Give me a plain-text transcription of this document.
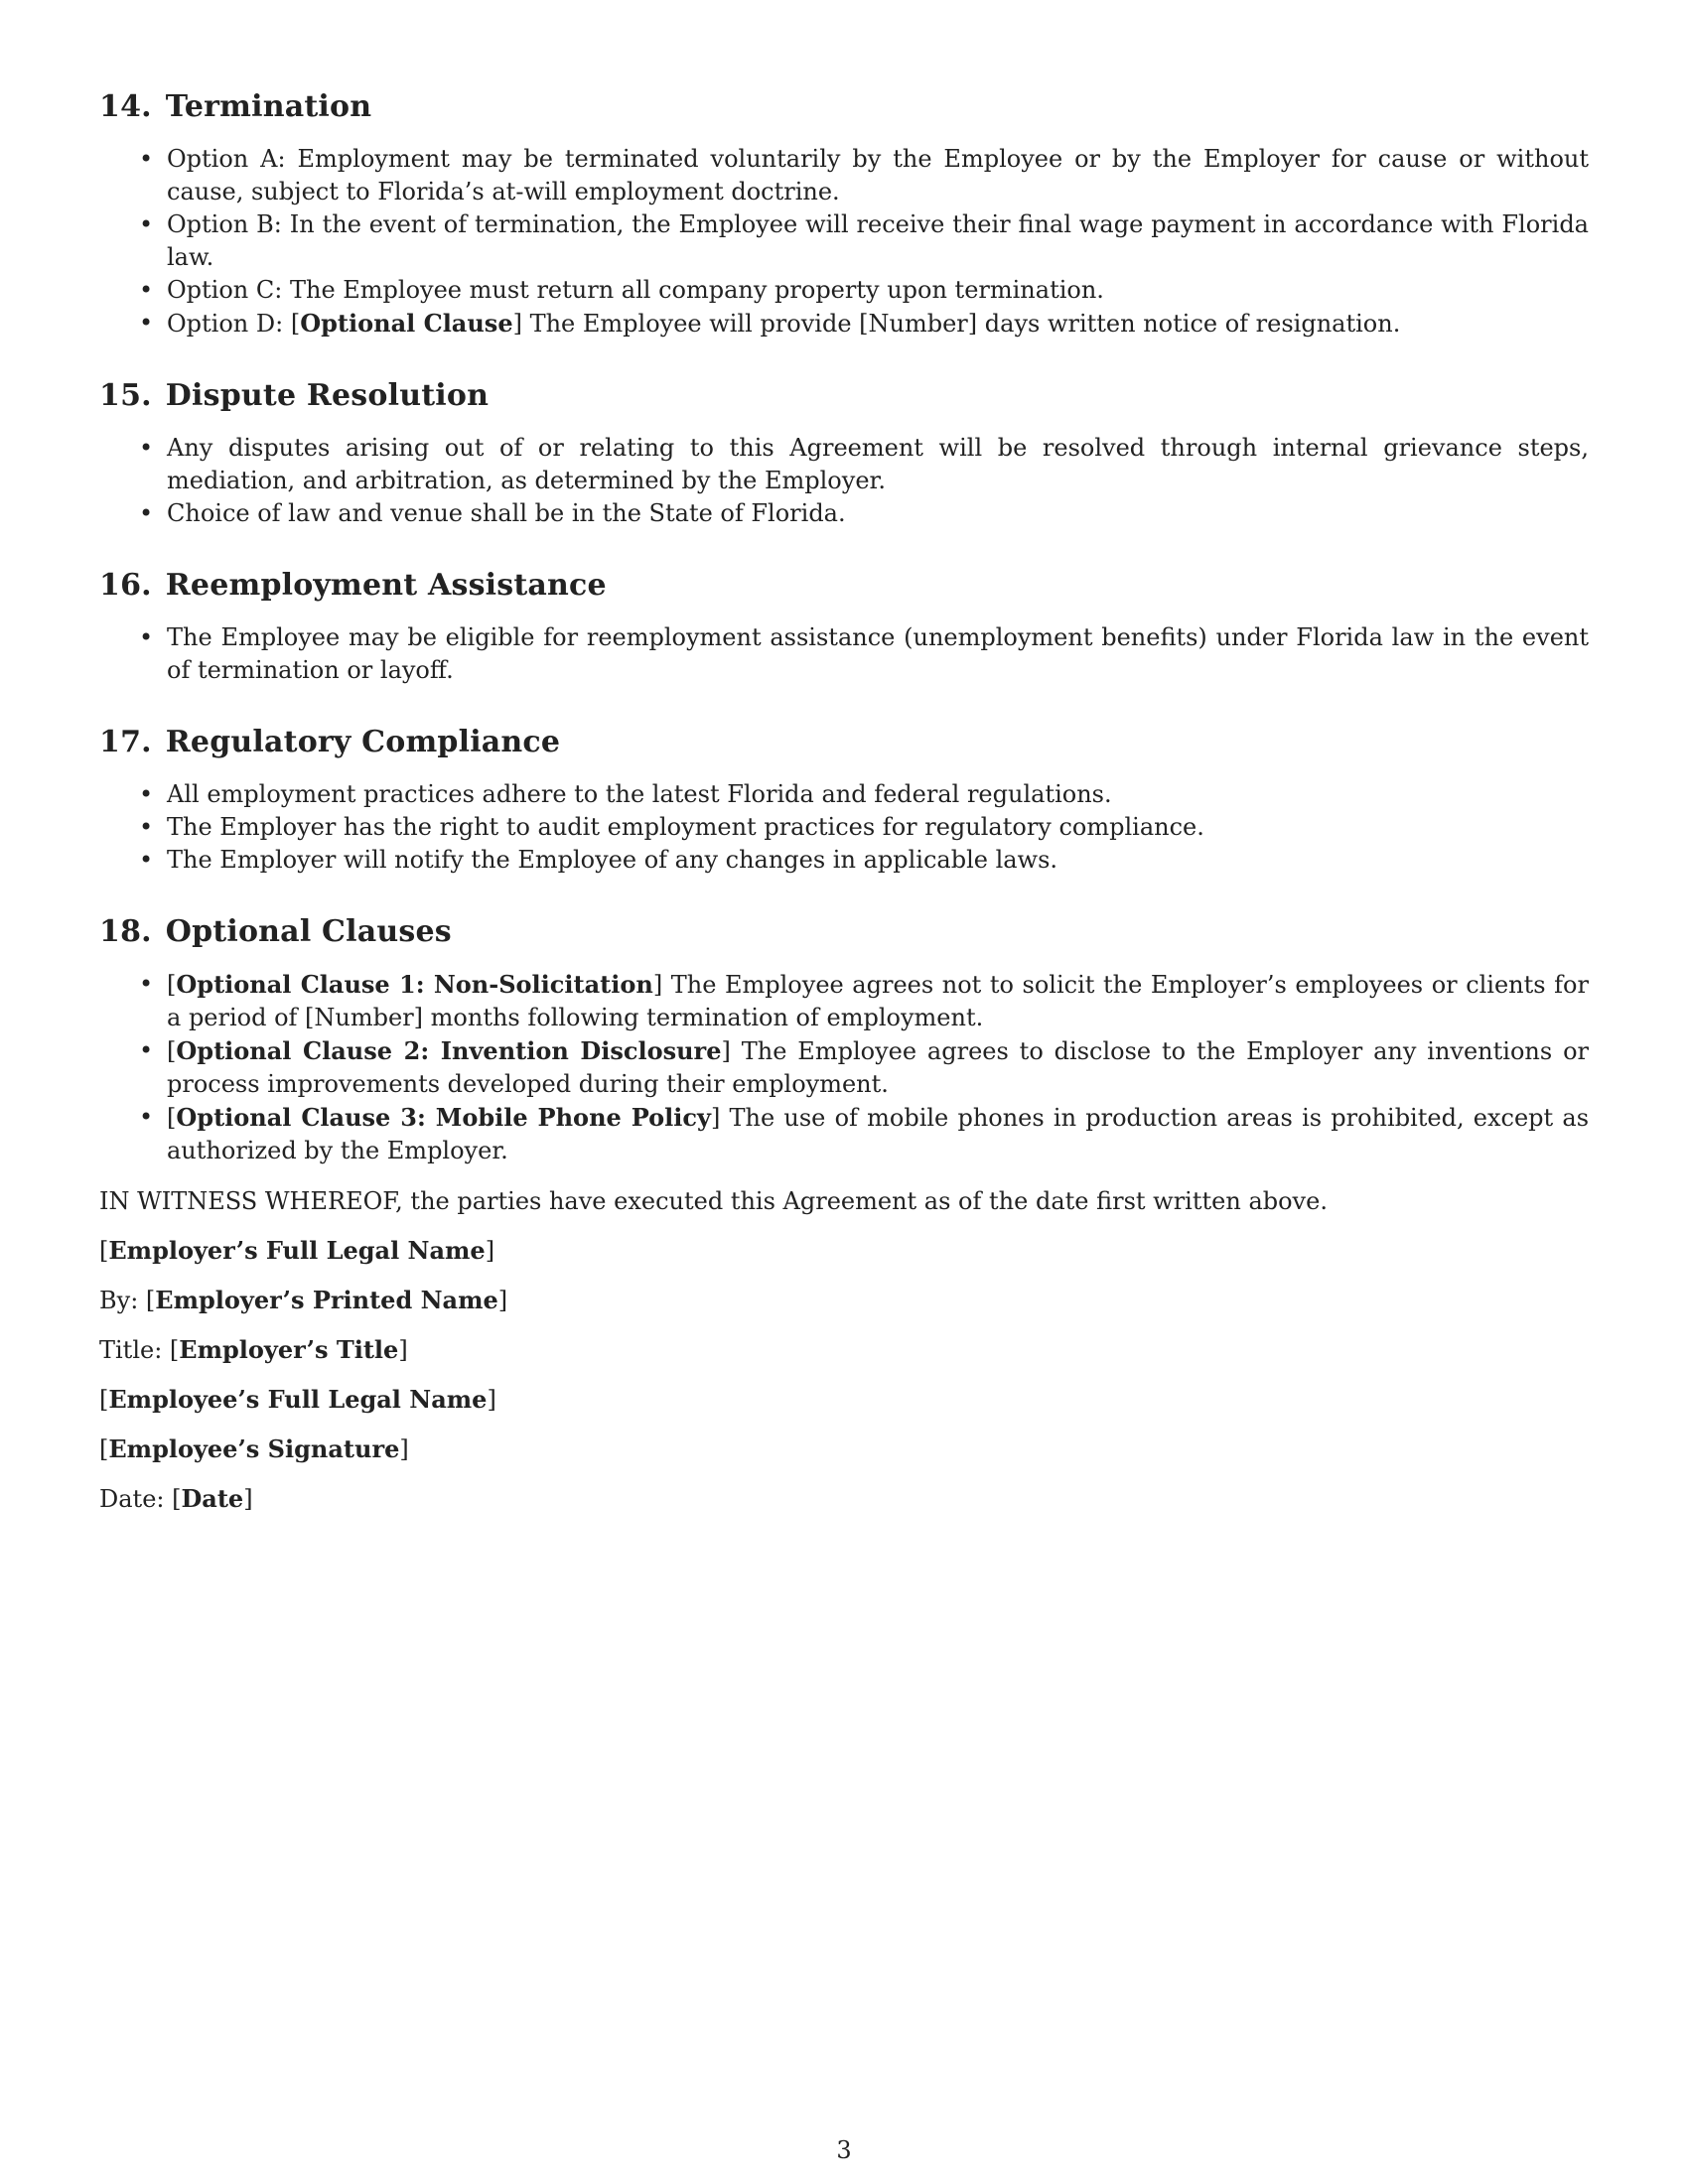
14. Termination
• Option A: Employment may be terminated voluntarily by the Employee or by the Employer for cause or without cause, subject to Florida’s at-will employment doctrine.
• Option B: In the event of termination, the Employee will receive their final wage payment in accordance with Florida law.
• Option C: The Employee must return all company property upon termination.
• Option D: [Optional Clause] The Employee will provide [Number] days written notice of resignation.
15. Dispute Resolution
• Any disputes arising out of or relating to this Agreement will be resolved through internal grievance steps, mediation, and arbitration, as determined by the Employer.
• Choice of law and venue shall be in the State of Florida.
16. Reemployment Assistance
• The Employee may be eligible for reemployment assistance (unemployment benefits) under Florida law in the event of termination or layoff.
17. Regulatory Compliance
• All employment practices adhere to the latest Florida and federal regulations.
• The Employer has the right to audit employment practices for regulatory compliance.
• The Employer will notify the Employee of any changes in applicable laws.
18. Optional Clauses
• [Optional Clause 1: Non-Solicitation] The Employee agrees not to solicit the Employer’s employees or clients for a period of [Number] months following termination of employment.
• [Optional Clause 2: Invention Disclosure] The Employee agrees to disclose to the Employer any inventions or process improvements developed during their employment.
• [Optional Clause 3: Mobile Phone Policy] The use of mobile phones in production areas is prohibited, except as authorized by the Employer.

IN WITNESS WHEREOF, the parties have executed this Agreement as of the date first written above.

[Employer’s Full Legal Name]

By: [Employer’s Printed Name]

Title: [Employer’s Title]

[Employee’s Full Legal Name]

[Employee’s Signature]

Date: [Date]

3
